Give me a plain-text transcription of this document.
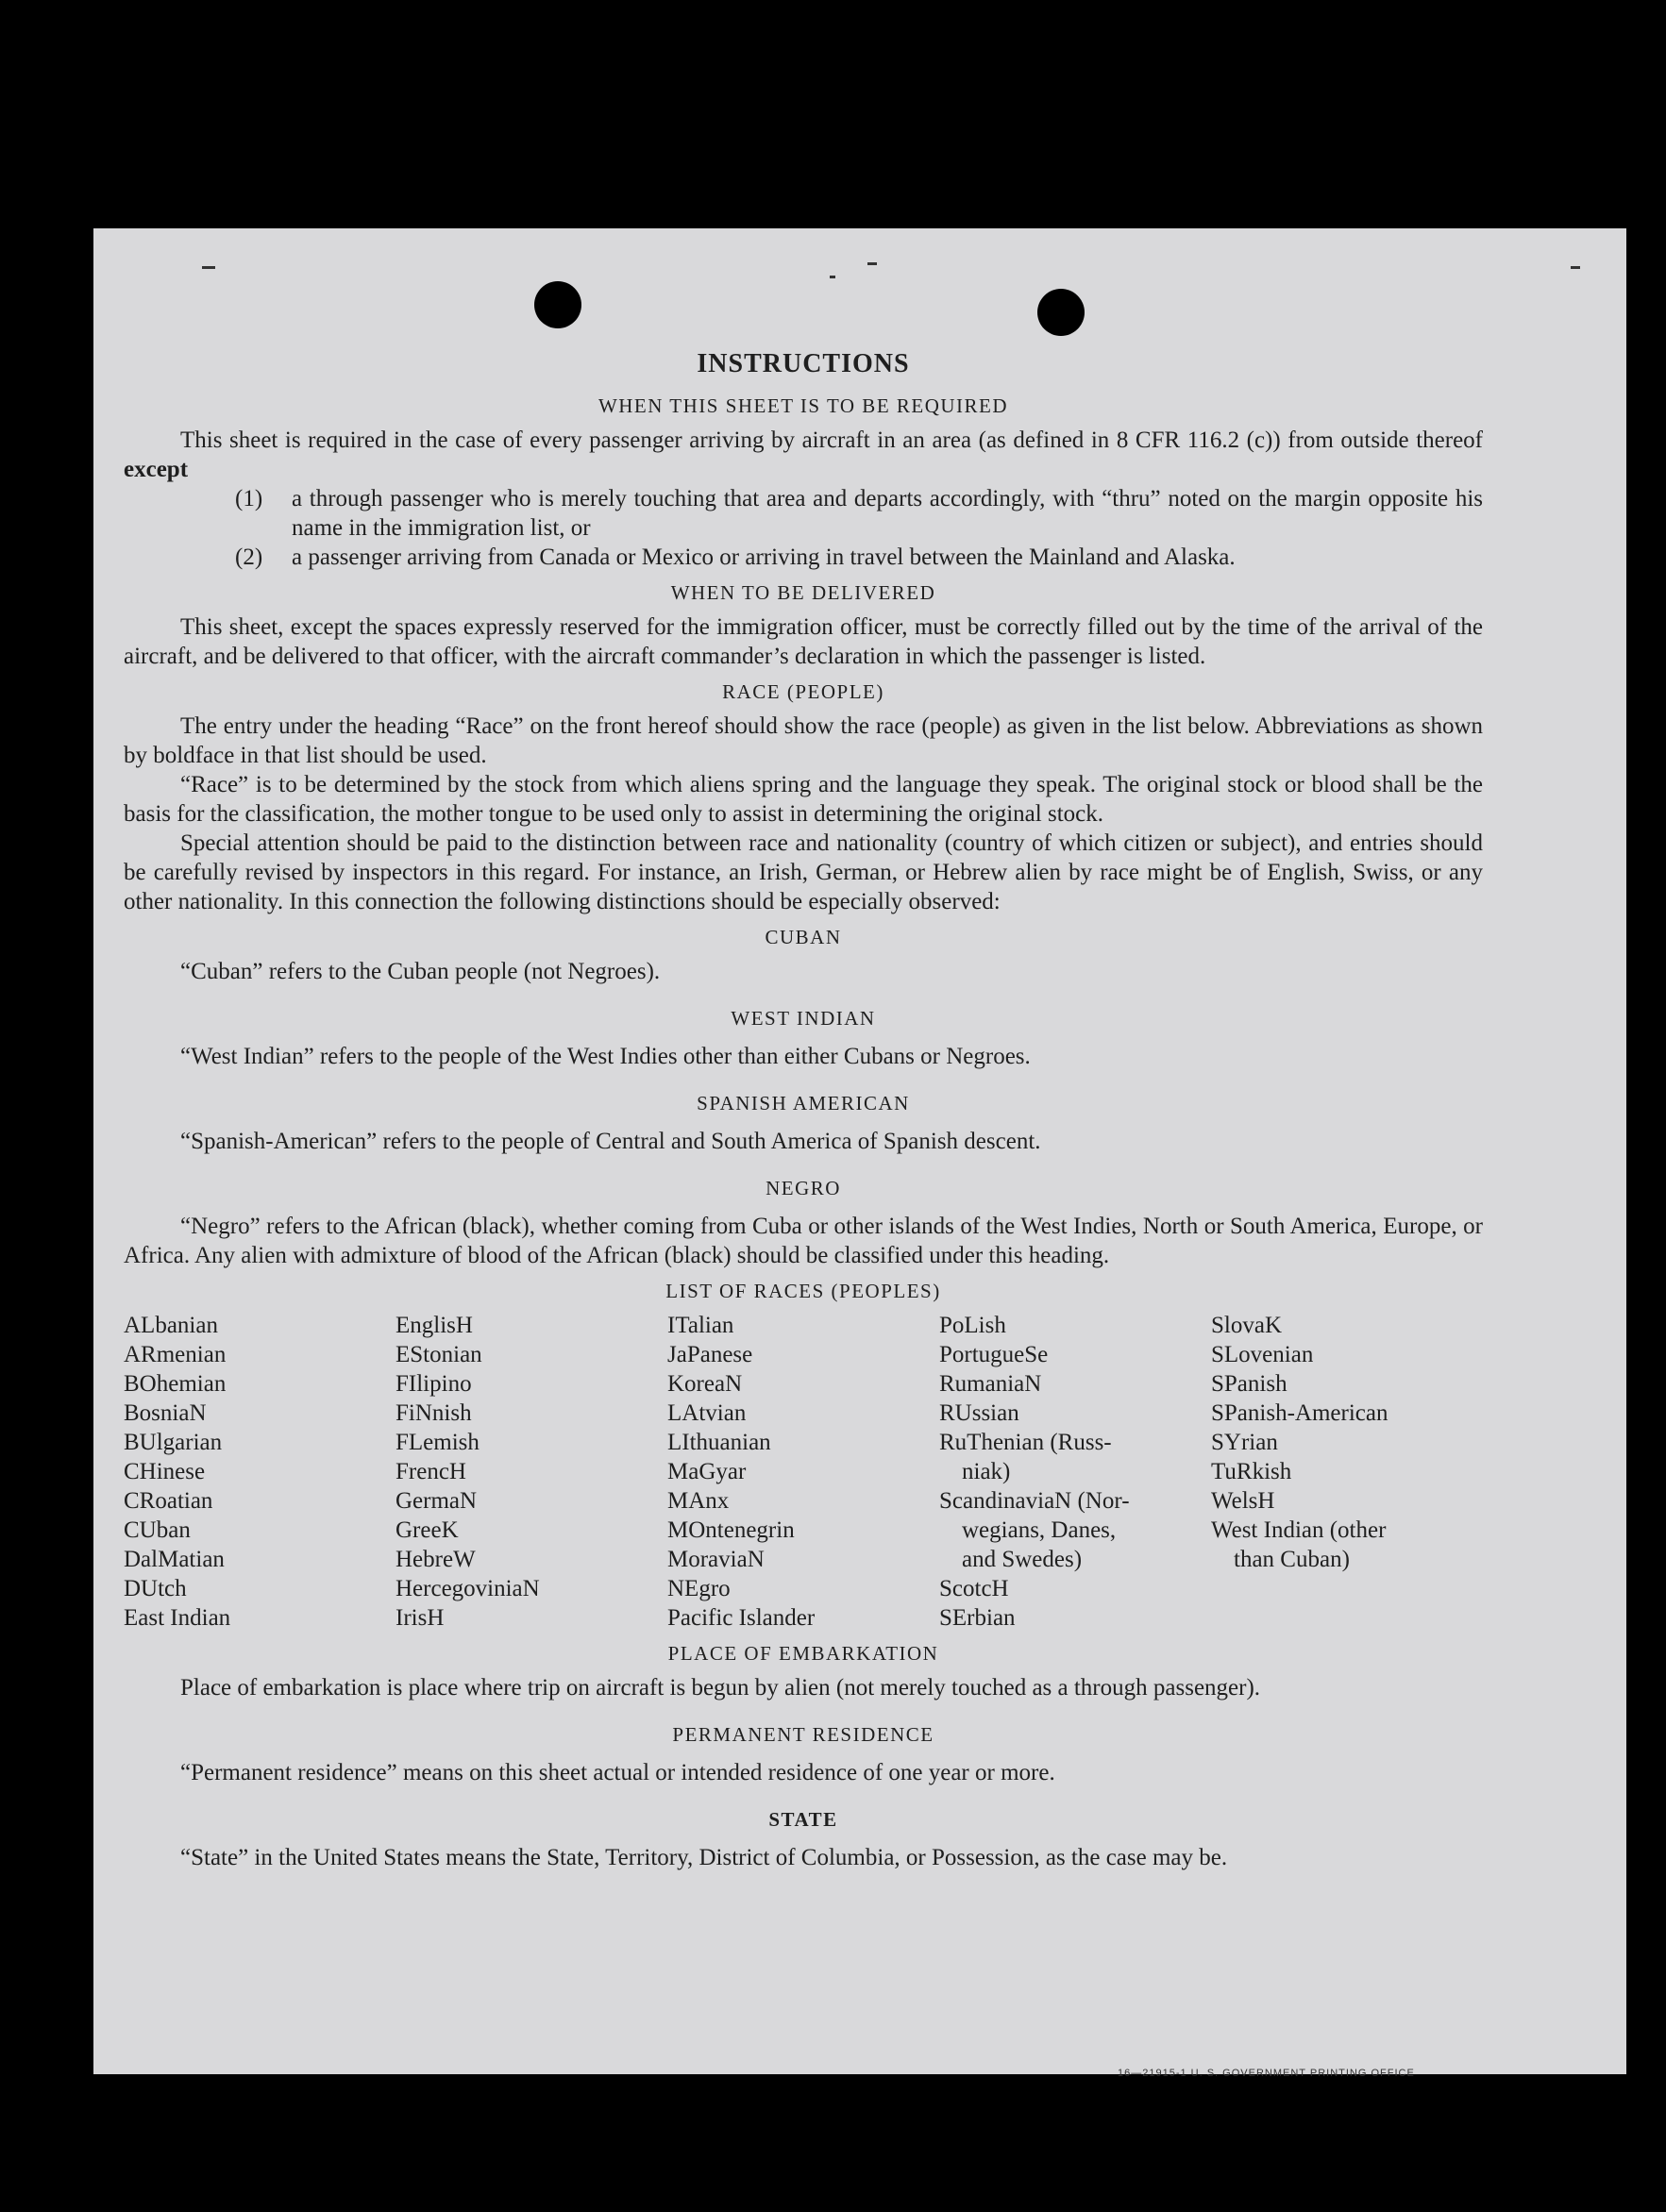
INSTRUCTIONS
WHEN THIS SHEET IS TO BE REQUIRED

This sheet is required in the case of every passenger arriving by aircraft in an area (as defined in 8 CFR 116.2 (c)) from outside thereof except

(1)	a through passenger who is merely touching that area and departs accordingly, with “thru” noted on the margin opposite his name in the immigration list, or
(2)	a passenger arriving from Canada or Mexico or arriving in travel between the Mainland and Alaska.
WHEN TO BE DELIVERED

This sheet, except the spaces expressly reserved for the immigration officer, must be correctly filled out by the time of the arrival of the aircraft, and be delivered to that officer, with the aircraft commander’s declaration in which the passenger is listed.

RACE (PEOPLE)

The entry under the heading “Race” on the front hereof should show the race (people) as given in the list below. Abbreviations as shown by boldface in that list should be used.

“Race” is to be determined by the stock from which aliens spring and the language they speak. The original stock or blood shall be the basis for the classification, the mother tongue to be used only to assist in determining the original stock.

Special attention should be paid to the distinction between race and nationality (country of which citizen or subject), and entries should be carefully revised by inspectors in this regard. For instance, an Irish, German, or Hebrew alien by race might be of English, Swiss, or any other nationality. In this connection the following distinctions should be especially observed:

CUBAN

“Cuban” refers to the Cuban people (not Negroes).

WEST INDIAN

“West Indian” refers to the people of the West Indies other than either Cubans or Negroes.

SPANISH AMERICAN

“Spanish-American” refers to the people of Central and South America of Spanish descent.

NEGRO

“Negro” refers to the African (black), whether coming from Cuba or other islands of the West Indies, North or South America, Europe, or Africa. Any alien with admixture of blood of the African (black) should be classified under this heading.

LIST OF RACES (PEOPLES)
ALbanian
ARmenian
BOhemian
BosniaN
BUlgarian
CHinese
CRoatian
CUban
DalMatian
DUtch
East Indian
EnglisH
EStonian
FIlipino
FiNnish
FLemish
FrencH
GermaN
GreeK
HebreW
HercegoviniaN
IrisH
ITalian
JaPanese
KoreaN
LAtvian
LIthuanian
MaGyar
MAnx
MOntenegrin
MoraviaN
NEgro
Pacific Islander
PoLish
PortugueSe
RumaniaN
RUssian
RuThenian (Russ-
niak)
ScandinaviaN (Nor-
wegians, Danes,
and Swedes)
ScotcH
SErbian
SlovaK
SLovenian
SPanish
SPanish-American
SYrian
TuRkish
WelsH
West Indian (other
than Cuban)
PLACE OF EMBARKATION

Place of embarkation is place where trip on aircraft is begun by alien (not merely touched as a through passenger).

PERMANENT RESIDENCE

“Permanent residence” means on this sheet actual or intended residence of one year or more.

STATE

“State” in the United States means the State, Territory, District of Columbia, or Possession, as the case may be.

16—21915-1 U. S. GOVERNMENT PRINTING OFFICE
